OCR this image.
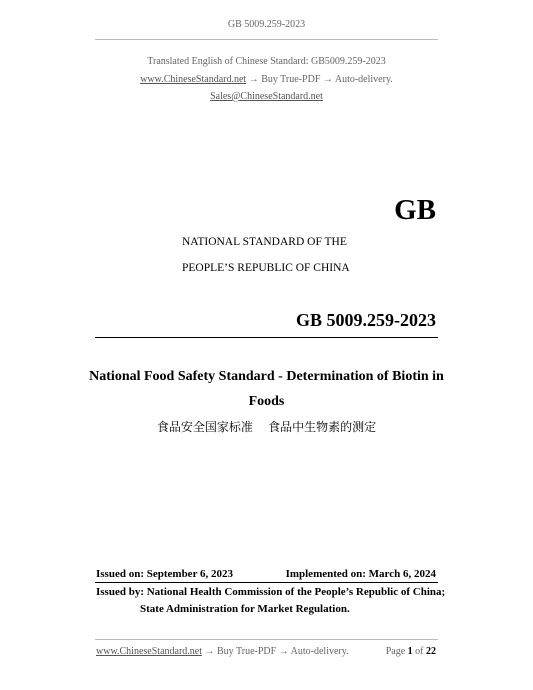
GB 5009.259-2023
Translated English of Chinese Standard: GB5009.259-2023
www.ChineseStandard.net → Buy True-PDF → Auto-delivery.
Sales@ChineseStandard.net
GB
NATIONAL STANDARD OF THE
PEOPLE’S REPUBLIC OF CHINA
GB 5009.259-2023
National Food Safety Standard - Determination of Biotin in
Foods
食品安全国家标准    食品中生物素的测定
Issued on: September 6, 2023	Implemented on: March 6, 2024
Issued by: National Health Commission of the People’s Republic of China;
State Administration for Market Regulation.
www.ChineseStandard.net → Buy True-PDF → Auto-delivery.	Page 1 of 22
